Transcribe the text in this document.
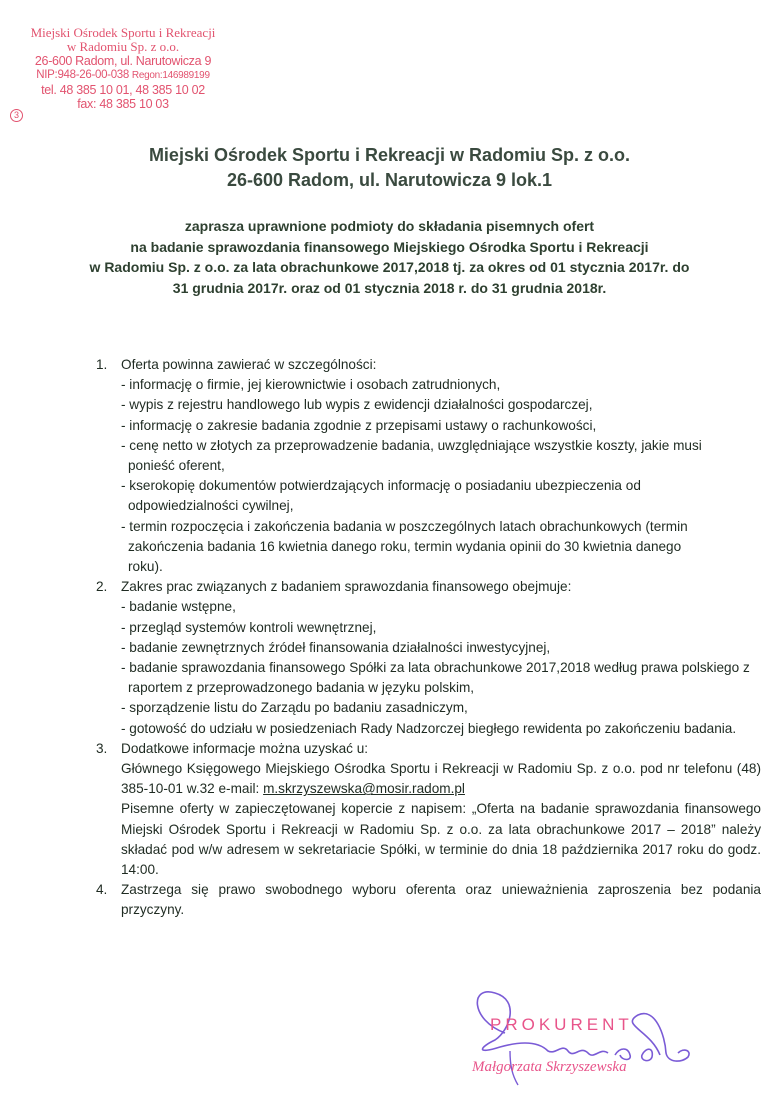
Miejski Ośrodek Sportu i Rekreacji
w Radomiu Sp. z o.o.
26-600 Radom, ul. Narutowicza 9
NIP:948-26-00-038 Regon:146989199
tel. 48 385 10 01, 48 385 10 02
fax: 48 385 10 03
3
Miejski Ośrodek Sportu i Rekreacji w Radomiu Sp. z o.o.
26-600 Radom, ul. Narutowicza 9 lok.1
zaprasza uprawnione podmioty do składania pisemnych ofert
na badanie sprawozdania finansowego Miejskiego Ośrodka Sportu i Rekreacji
w Radomiu Sp. z o.o. za lata obrachunkowe 2017,2018 tj. za okres od 01 stycznia 2017r. do
31 grudnia 2017r. oraz od 01 stycznia 2018 r. do 31 grudnia 2018r.
1. Oferta powinna zawierać w szczególności:
- informację o firmie, jej kierownictwie i osobach zatrudnionych,
- wypis z rejestru handlowego lub wypis z ewidencji działalności gospodarczej,
- informację o zakresie badania zgodnie z przepisami ustawy o rachunkowości,
- cenę netto w złotych za przeprowadzenie badania, uwzględniające wszystkie koszty, jakie musi ponieść oferent,
- kserokopię dokumentów potwierdzających informację o posiadaniu ubezpieczenia od odpowiedzialności cywilnej,
- termin rozpoczęcia i zakończenia badania w poszczególnych latach obrachunkowych (termin zakończenia badania 16 kwietnia danego roku, termin wydania opinii do 30 kwietnia danego roku).
2. Zakres prac związanych z badaniem sprawozdania finansowego obejmuje:
- badanie wstępne,
- przegląd systemów kontroli wewnętrznej,
- badanie zewnętrznych źródeł finansowania działalności inwestycyjnej,
- badanie sprawozdania finansowego Spółki za lata obrachunkowe 2017,2018 według prawa polskiego z raportem z przeprowadzonego badania w języku polskim,
- sporządzenie listu do Zarządu po badaniu zasadniczym,
- gotowość do udziału w posiedzeniach Rady Nadzorczej biegłego rewidenta po zakończeniu badania.
3. Dodatkowe informacje można uzyskać u:
Głównego Księgowego Miejskiego Ośrodka Sportu i Rekreacji w Radomiu Sp. z o.o. pod nr telefonu (48) 385-10-01 w.32 e-mail: m.skrzyszewska@mosir.radom.pl
Pisemne oferty w zapieczętowanej kopercie z napisem: „Oferta na badanie sprawozdania finansowego Miejski Ośrodek Sportu i Rekreacji w Radomiu Sp. z o.o. za lata obrachunkowe 2017 – 2018” należy składać pod w/w adresem w sekretariacie Spółki, w terminie do dnia 18 października 2017 roku do godz. 14:00.
4. Zastrzega się prawo swobodnego wyboru oferenta oraz unieważnienia zaproszenia bez podania przyczyny.
PROKURENT
Małgorzata Skrzyszewska
